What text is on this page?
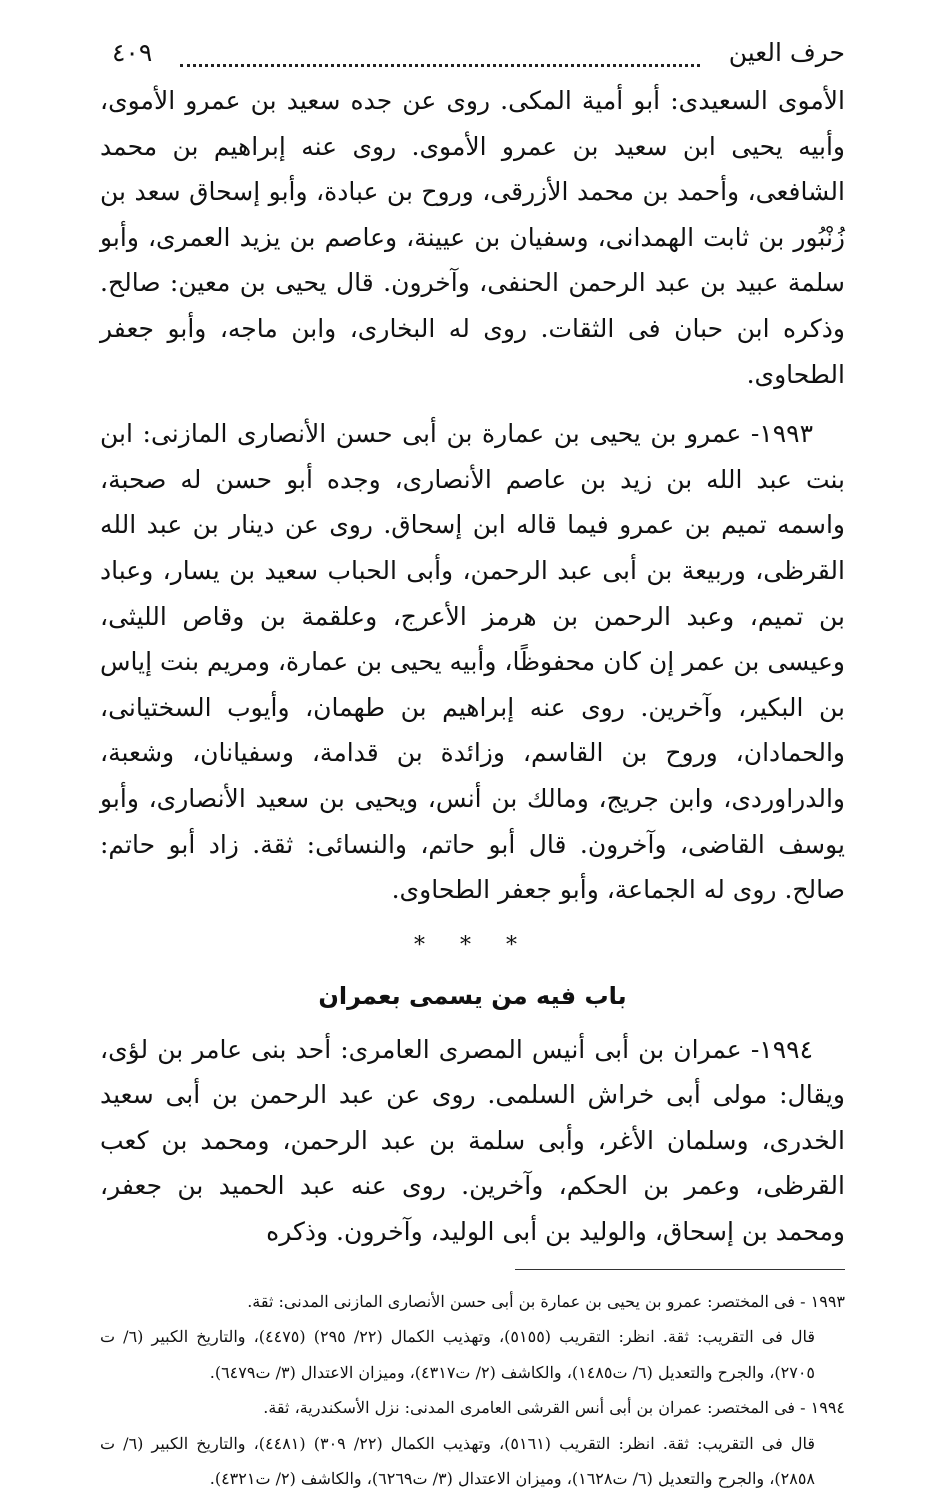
حرف العين
٤٠٩

الأموى السعيدى: أبو أمية المكى. روى عن جده سعيد بن عمرو الأموى، وأبيه يحيى ابن سعيد بن عمرو الأموى. روى عنه إبراهيم بن محمد الشافعى، وأحمد بن محمد الأزرقى، وروح بن عبادة، وأبو إسحاق سعد بن زُنْبُور بن ثابت الهمدانى، وسفيان بن عيينة، وعاصم بن يزيد العمرى، وأبو سلمة عبيد بن عبد الرحمن الحنفى، وآخرون. قال يحيى بن معين: صالح. وذكره ابن حبان فى الثقات. روى له البخارى، وابن ماجه، وأبو جعفر الطحاوى.

١٩٩٣- عمرو بن يحيى بن عمارة بن أبى حسن الأنصارى المازنى: ابن بنت عبد الله بن زيد بن عاصم الأنصارى، وجده أبو حسن له صحبة، واسمه تميم بن عمرو فيما قاله ابن إسحاق. روى عن دينار بن عبد الله القرظى، وربيعة بن أبى عبد الرحمن، وأبى الحباب سعيد بن يسار، وعباد بن تميم، وعبد الرحمن بن هرمز الأعرج، وعلقمة بن وقاص الليثى، وعيسى بن عمر إن كان محفوظًا، وأبيه يحيى بن عمارة، ومريم بنت إياس بن البكير، وآخرين. روى عنه إبراهيم بن طهمان، وأيوب السختيانى، والحمادان، وروح بن القاسم، وزائدة بن قدامة، وسفيانان، وشعبة، والدراوردى، وابن جريج، ومالك بن أنس، ويحيى بن سعيد الأنصارى، وأبو يوسف القاضى، وآخرون. قال أبو حاتم، والنسائى: ثقة. زاد أبو حاتم: صالح. روى له الجماعة، وأبو جعفر الطحاوى.

* * *
باب فيه من يسمى بعمران

١٩٩٤- عمران بن أبى أنيس المصرى العامرى: أحد بنى عامر بن لؤى، ويقال: مولى أبى خراش السلمى. روى عن عبد الرحمن بن أبى سعيد الخدرى، وسلمان الأغر، وأبى سلمة بن عبد الرحمن، ومحمد بن كعب القرظى، وعمر بن الحكم، وآخرين. روى عنه عبد الحميد بن جعفر، ومحمد بن إسحاق، والوليد بن أبى الوليد، وآخرون. وذكره

١٩٩٣ - فى المختصر: عمرو بن يحيى بن عمارة بن أبى حسن الأنصارى المازنى المدنى: ثقة.

قال فى التقريب: ثقة. انظر: التقريب (٥١٥٥)، وتهذيب الكمال (٢٢/ ٢٩٥) (٤٤٧٥)، والتاريخ الكبير (٦/ ت ٢٧٠٥)، والجرح والتعديل (٦/ ت١٤٨٥)، والكاشف (٢/ ت٤٣١٧)، وميزان الاعتدال (٣/ ت٦٤٧٩).

١٩٩٤ - فى المختصر: عمران بن أبى أنس القرشى العامرى المدنى: نزل الأسكندرية، ثقة.

قال فى التقريب: ثقة. انظر: التقريب (٥١٦١)، وتهذيب الكمال (٢٢/ ٣٠٩) (٤٤٨١)، والتاريخ الكبير (٦/ ت ٢٨٥٨)، والجرح والتعديل (٦/ ت١٦٢٨)، وميزان الاعتدال (٣/ ت٦٢٦٩)، والكاشف (٢/ ت٤٣٢١).
